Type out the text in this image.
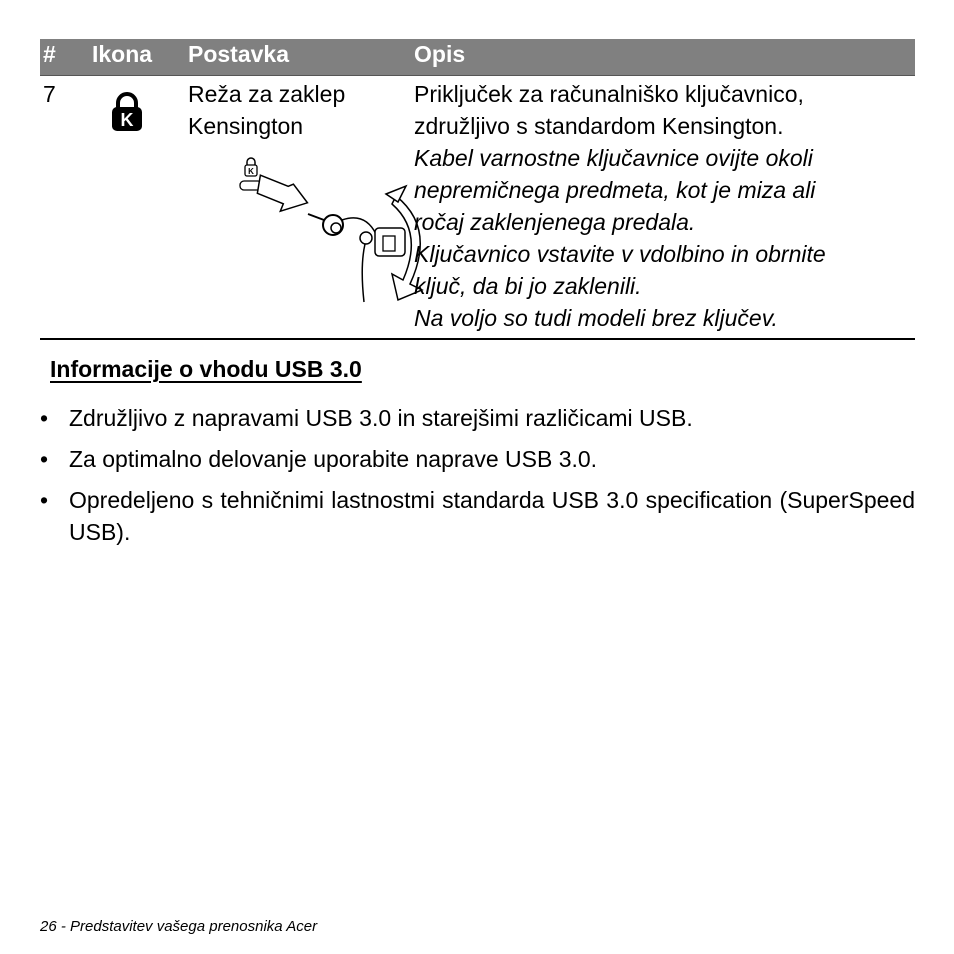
# Ikona Postavka	Opis
7
K
Reža za zaklep
Kensington
K
Priključek za računalniško ključavnico,
združljivo s standardom Kensington.
Kabel varnostne ključavnice ovijte okoli
nepremičnega predmeta, kot je miza ali
ročaj zaklenjenega predala.
Ključavnico vstavite v vdolbino in obrnite
ključ, da bi jo zaklenili.
Na voljo so tudi modeli brez ključev.
Informacije o vhodu USB 3.0
• Združljivo z napravami USB 3.0 in starejšimi različicami USB.
• Za optimalno delovanje uporabite naprave USB 3.0.
• Opredeljeno s tehničnimi lastnostmi standarda USB 3.0 specification (SuperSpeed USB).
26 - Predstavitev vašega prenosnika Acer
